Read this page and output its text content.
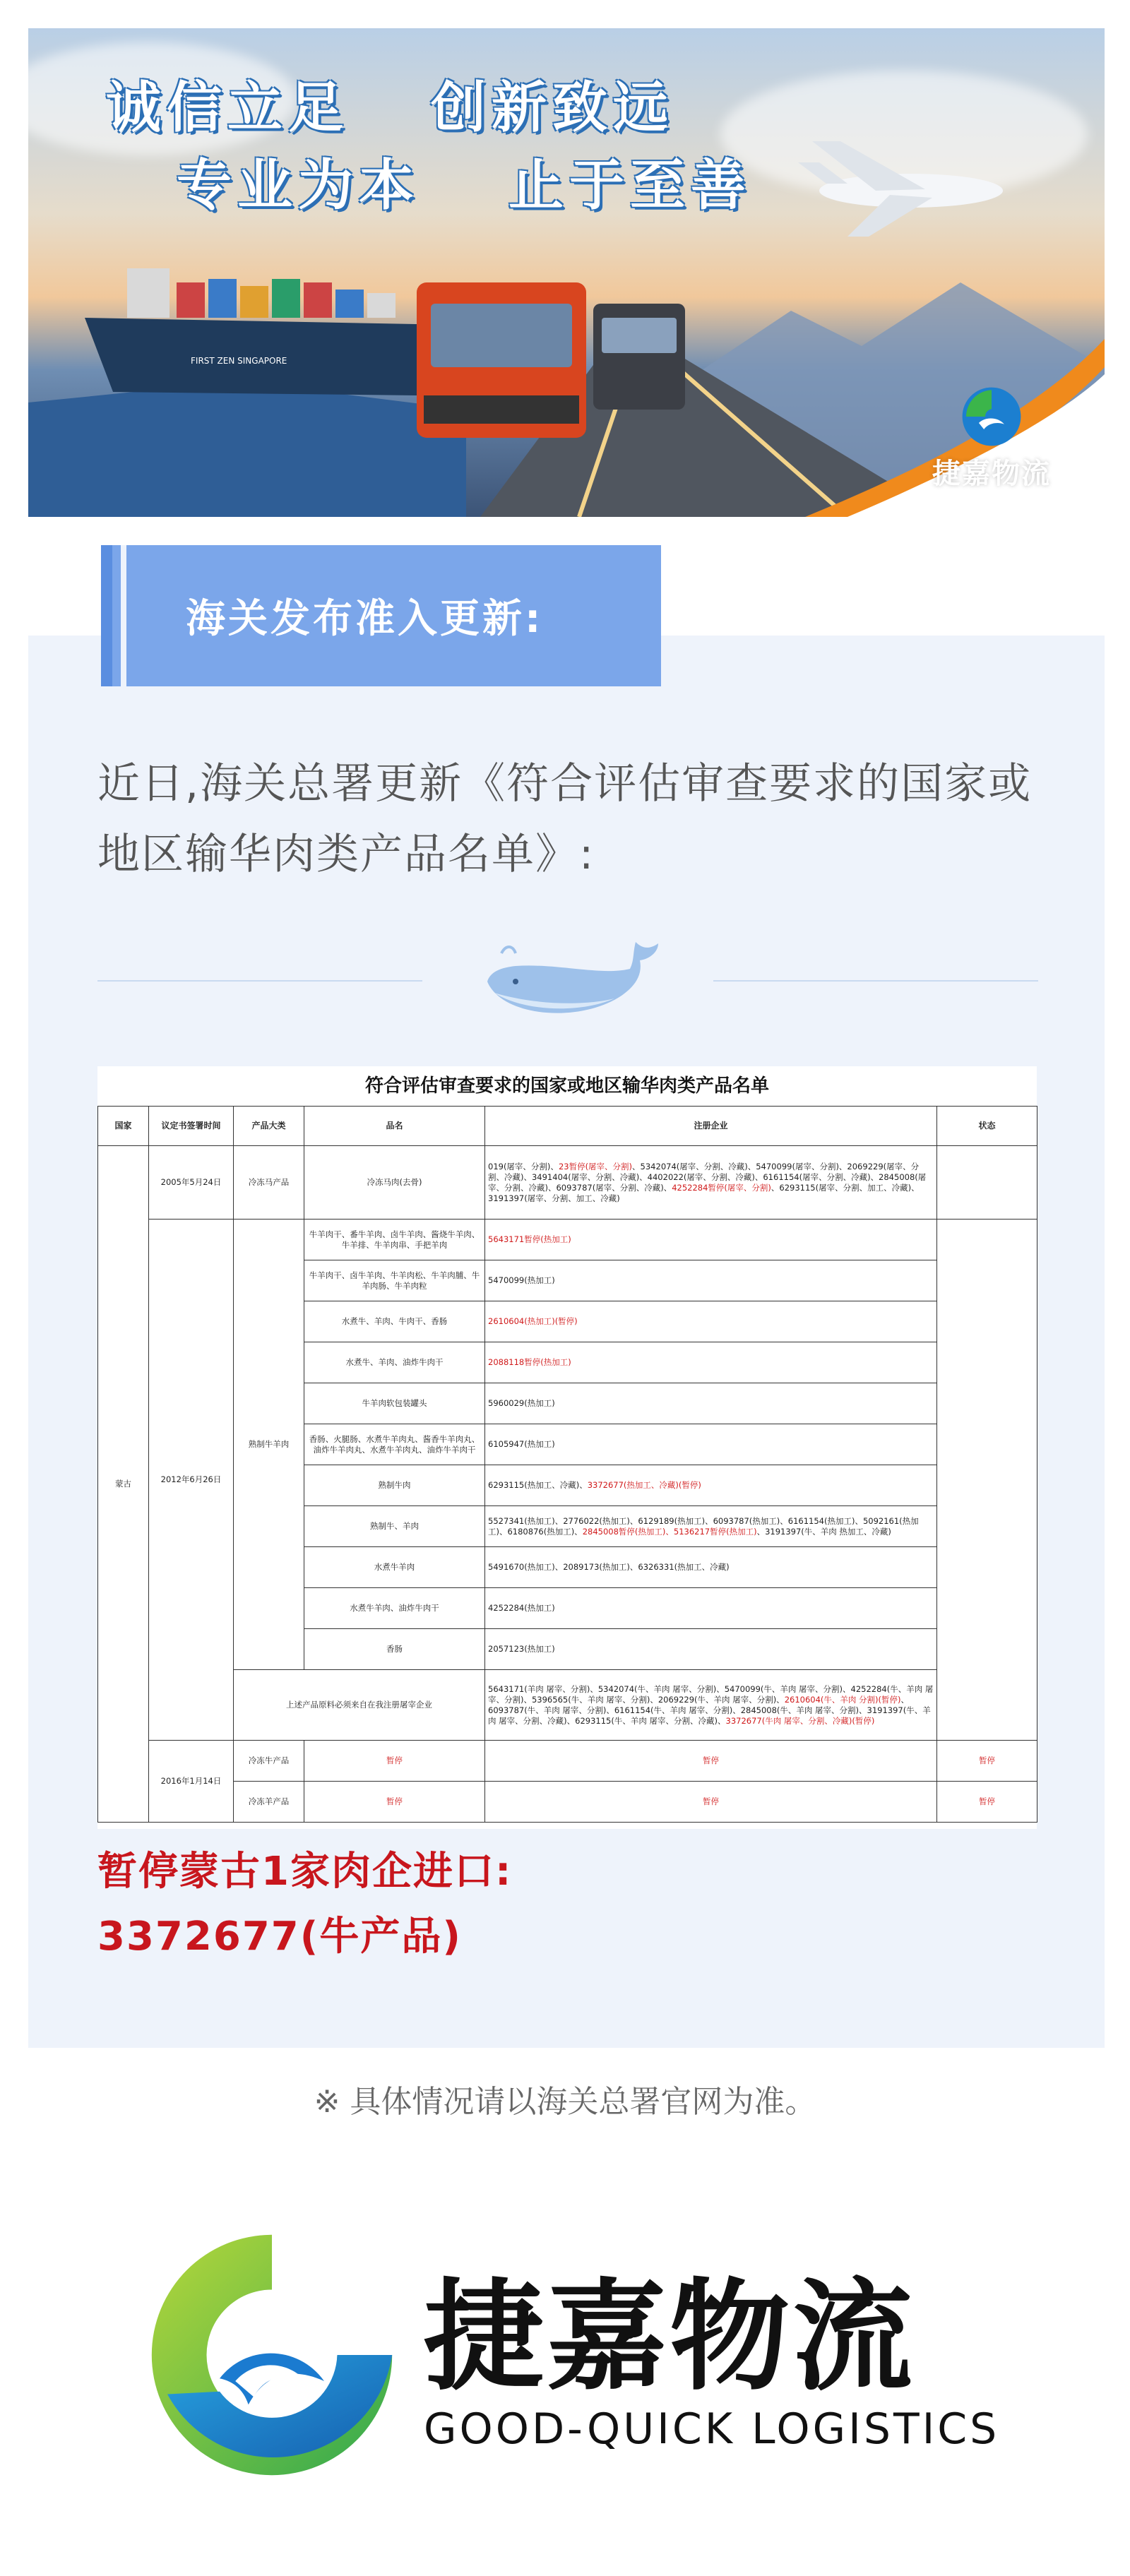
FIRST ZEN SINGAPORE
诚信立足 创新致远
专业为本 止于至善
捷嘉物流
GOOD-QUICK LOGISTICS
海关发布准入更新:
近日,海关总署更新《符合评估审查要求的国家或地区输华肉类产品名单》:
符合评估审查要求的国家或地区输华肉类产品名单
国家	议定书签署时间	产品大类	品名	注册企业	状态
蒙古	2005年5月24日	冷冻马产品	冷冻马肉(去骨)	019(屠宰、分割)、23暂停(屠宰、分割)、5342074(屠宰、分割、冷藏)、5470099(屠宰、分割)、2069229(屠宰、分割、冷藏)、3491404(屠宰、分割、冷藏)、4402022(屠宰、分割、冷藏)、6161154(屠宰、分割、冷藏)、2845008(屠宰、分割、冷藏)、6093787(屠宰、分割、冷藏)、4252284暂停(屠宰、分割)、6293115(屠宰、分割、加工、冷藏)、3191397(屠宰、分割、加工、冷藏)	
	2012年6月26日	熟制牛羊肉	牛羊肉干、番牛羊肉、卤牛羊肉、酱烧牛羊肉、牛羊排、牛羊肉串、手把羊肉	5643171暂停(热加工)	
			牛羊肉干、卤牛羊肉、牛羊肉松、牛羊肉脯、牛羊肉肠、牛羊肉粒	5470099(热加工)	
			水煮牛、羊肉、牛肉干、香肠	2610604(热加工)(暂停)	
			水煮牛、羊肉、油炸牛肉干	2088118暂停(热加工)	
			牛羊肉软包装罐头	5960029(热加工)	
			香肠、火腿肠、水煮牛羊肉丸、酱香牛羊肉丸、油炸牛羊肉丸、水煮牛羊肉丸、油炸牛羊肉干	6105947(热加工)	
			熟制牛肉	6293115(热加工、冷藏)、3372677(热加工、冷藏)(暂停)	
			熟制牛、羊肉	5527341(热加工)、2776022(热加工)、6129189(热加工)、6093787(热加工)、6161154(热加工)、5092161(热加工)、6180876(热加工)、2845008暂停(热加工)、5136217暂停(热加工)、3191397(牛、羊肉 热加工、冷藏)	
			水煮牛羊肉	5491670(热加工)、2089173(热加工)、6326331(热加工、冷藏)	
			水煮牛羊肉、油炸牛肉干	4252284(热加工)	
			香肠	2057123(热加工)	
		上述产品原料必须来自在我注册屠宰企业		5643171(羊肉 屠宰、分割)、5342074(牛、羊肉 屠宰、分割)、5470099(牛、羊肉 屠宰、分割)、4252284(牛、羊肉 屠宰、分割)、5396565(牛、羊肉 屠宰、分割)、2069229(牛、羊肉 屠宰、分割)、2610604(牛、羊肉 分割)(暂停)、6093787(牛、羊肉 屠宰、分割)、6161154(牛、羊肉 屠宰、分割)、2845008(牛、羊肉 屠宰、分割)、3191397(牛、羊肉 屠宰、分割、冷藏)、6293115(牛、羊肉 屠宰、分割、冷藏)、3372677(牛肉 屠宰、分割、冷藏)(暂停)	
	2016年1月14日	冷冻牛产品	暂停	暂停	暂停
		冷冻羊产品	暂停	暂停	暂停
暂停蒙古1家肉企进口:
3372677(牛产品)
※ 具体情况请以海关总署官网为准。
捷嘉物流
GOOD-QUICK LOGISTICS
